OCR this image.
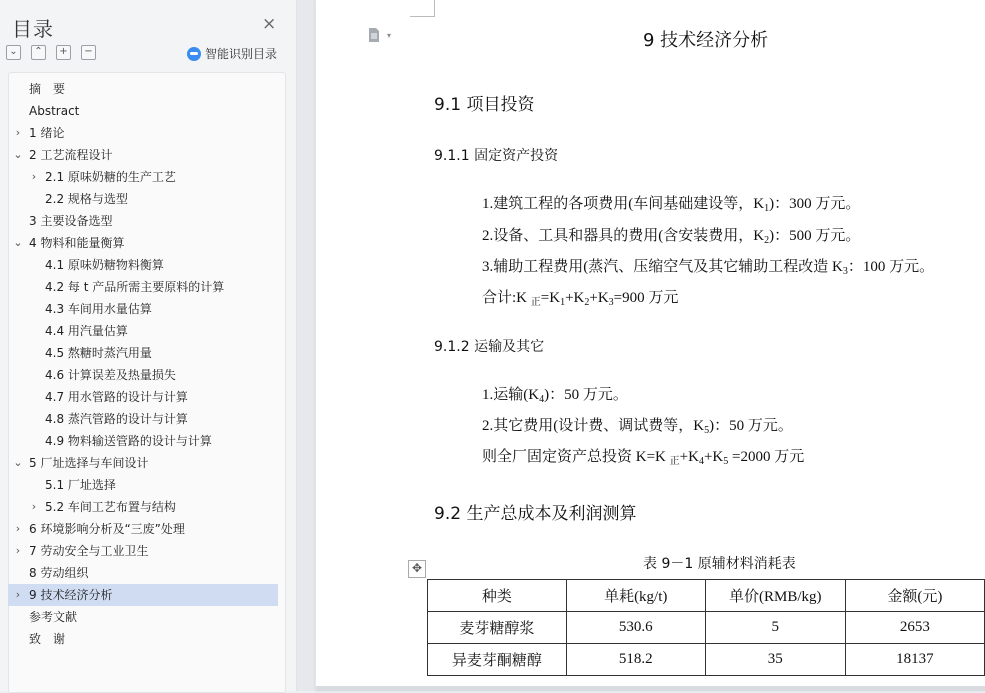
目录	×
⌄	⌃	+	−	智能识别目录
摘　要
Abstract
› 1 绪论
⌄ 2 工艺流程设计
› 2.1 原味奶糖的生产工艺
2.2 规格与选型
3 主要设备选型
⌄ 4 物料和能量衡算
4.1 原味奶糖物料衡算
4.2 每 t 产品所需主要原料的计算
4.3 车间用水量估算
4.4 用汽量估算
4.5 熬糖时蒸汽用量
4.6 计算误差及热量损失
4.7 用水管路的设计与计算
4.8 蒸汽管路的设计与计算
4.9 物料输送管路的设计与计算
⌄ 5 厂址选择与车间设计
5.1 厂址选择
› 5.2 车间工艺布置与结构
› 6 环境影响分析及“三废”处理
› 7 劳动安全与工业卫生
8 劳动组织
› 9 技术经济分析
参考文献
致　谢
▾	9 技术经济分析
9.1 项目投资
9.1.1 固定资产投资
1.建筑工程的各项费用(车间基础建设等，$K_1$)：300 万元。
2.设备、工具和器具的费用(含安装费用，$K_2$)：500 万元。
3.辅助工程费用(蒸汽、压缩空气及其它辅助工程改造 $K_3$：100 万元。
合计:K $_正=K_1+K_2+K_3=900$ 万元
9.1.2 运输及其它
1.运输$(K_4)$：50 万元。
2.其它费用(设计费、调试费等，$K_5$)：50 万元。
则全厂固定资产总投资 K=K $_正+K_4+K_5 =2000$ 万元
9.2 生产总成本及利润测算
表 9－1 原辅材料消耗表
✥
种类	单耗(kg/t)	单价(RMB/kg)	金额(元)
麦芽糖醇浆	530.6	5	2653
异麦芽酮糖醇	518.2	35	18137
